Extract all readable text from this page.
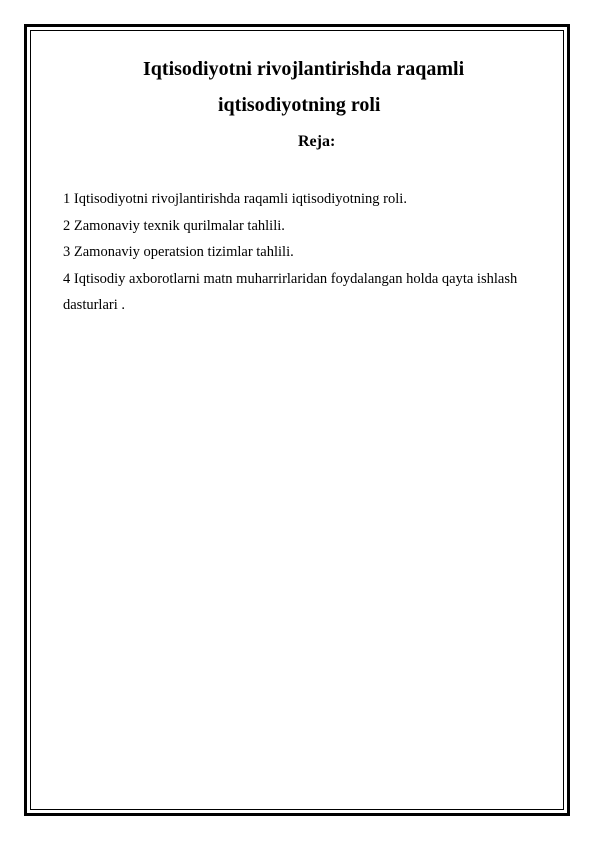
Iqtisodiyotni rivojlantirishda raqamli
iqtisodiyotning roli
Reja:
1 Iqtisodiyotni rivojlantirishda raqamli iqtisodiyotning roli.
2 Zamonaviy texnik qurilmalar tahlili.
3 Zamonaviy operatsion tizimlar tahlili.
4 Iqtisodiy axborotlarni matn muharrirlaridan foydalangan holda qayta ishlash dasturlari .
